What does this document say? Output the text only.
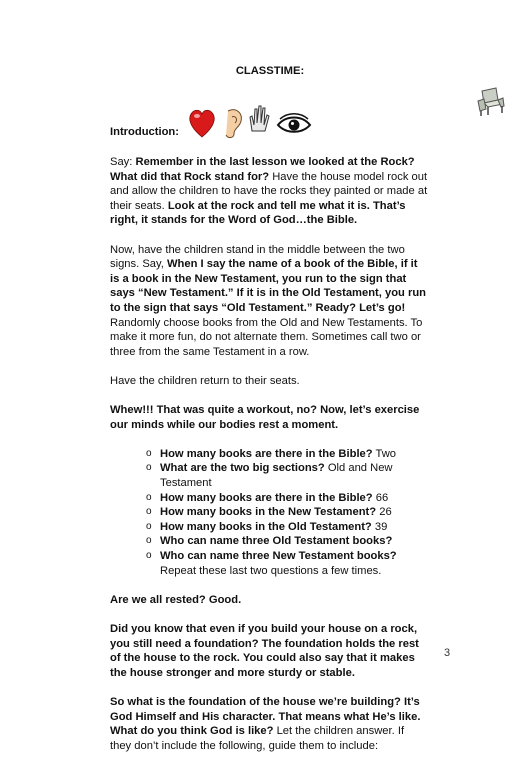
CLASSTIME:
Introduction:

Say: Remember in the last lesson we looked at the Rock? What did that Rock stand for? Have the house model rock out and allow the children to have the rocks they painted or made at their seats. Look at the rock and tell me what it is. That’s right, it stands for the Word of God…the Bible.

Now, have the children stand in the middle between the two signs. Say, When I say the name of a book of the Bible, if it is a book in the New Testament, you run to the sign that says “New Testament.” If it is in the Old Testament, you run to the sign that says “Old Testament.” Ready? Let’s go! Randomly choose books from the Old and New Testaments. To make it more fun, do not alternate them. Sometimes call two or three from the same Testament in a row.

Have the children return to their seats.

Whew!!! That was quite a workout, no? Now, let’s exercise our minds while our bodies rest a moment.

o How many books are there in the Bible? Two
o What are the two big sections? Old and New Testament
o How many books are there in the Bible? 66
o How many books in the New Testament? 26
o How many books in the Old Testament? 39
o Who can name three Old Testament books?
o Who can name three New Testament books? Repeat these last two questions a few times.

Are we all rested? Good.

Did you know that even if you build your house on a rock, you still need a foundation? The foundation holds the rest of the house to the rock. You could also say that it makes the house stronger and more sturdy or stable.

So what is the foundation of the house we’re building? It’s God Himself and His character. That means what He’s like. What do you think God is like? Let the children answer. If they don’t include the following, guide them to include:

3
